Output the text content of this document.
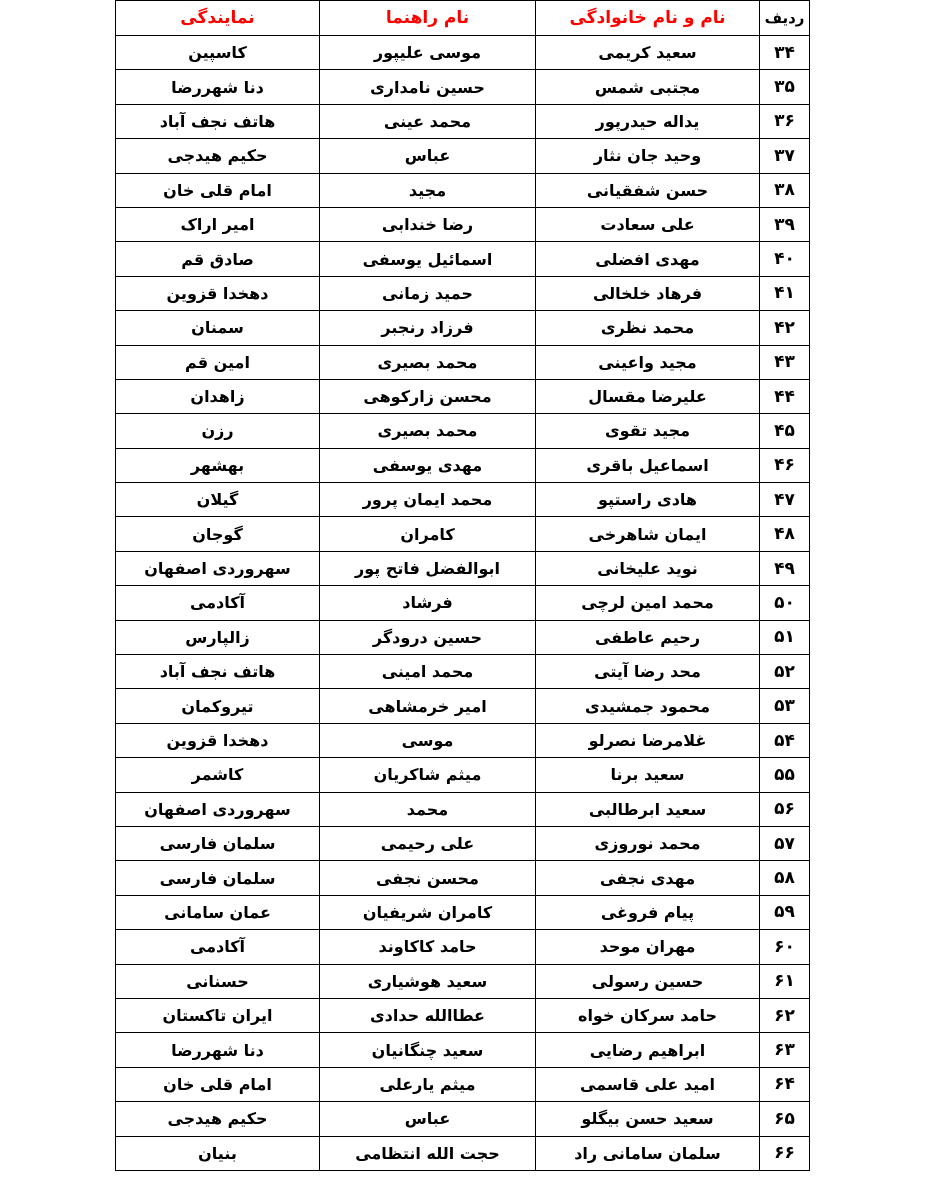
ردیف	نام و نام خانوادگی	نام راهنما	نمایندگی
۳۴	سعید کریمی	موسی علیپور	کاسپین
۳۵	مجتبی شمس	حسین نامداری	دنا شهررضا
۳۶	یداله حیدرپور	محمد عینی	هاتف نجف آباد
۳۷	وحید جان نثار	عباس	حکیم هیدجی
۳۸	حسن شفقیانی	مجید	امام قلی خان
۳۹	علی سعادت	رضا خندابی	امیر اراک
۴۰	مهدی افضلی	اسمائیل یوسفی	صادق قم
۴۱	فرهاد خلخالی	حمید زمانی	دهخدا قزوین
۴۲	محمد نظری	فرزاد رنجبر	سمنان
۴۳	مجید واعینی	محمد بصیری	امین قم
۴۴	علیرضا مقسال	محسن زارکوهی	زاهدان
۴۵	مجید تقوی	محمد بصیری	رزن
۴۶	اسماعیل باقری	مهدی یوسفی	بهشهر
۴۷	هادی راستپو	محمد ایمان پرور	گیلان
۴۸	ایمان شاهرخی	کامران	گوجان
۴۹	نوید علیخانی	ابوالفضل فاتح پور	سهروردی اصفهان
۵۰	محمد امین لرچی	فرشاد	آکادمی
۵۱	رحیم عاطفی	حسین درودگر	زالپارس
۵۲	محد رضا آیتی	محمد امینی	هاتف نجف آباد
۵۳	محمود جمشیدی	امیر خرمشاهی	تیروکمان
۵۴	غلامرضا نصرلو	موسی	دهخدا قزوین
۵۵	سعید برنا	میثم شاکریان	کاشمر
۵۶	سعید ابرطالبی	محمد	سهروردی اصفهان
۵۷	محمد نوروزی	علی رحیمی	سلمان فارسی
۵۸	مهدی نجفی	محسن نجفی	سلمان فارسی
۵۹	پیام فروغی	کامران شریفیان	عمان سامانی
۶۰	مهران موحد	حامد کاکاوند	آکادمی
۶۱	حسین رسولی	سعید هوشیاری	حسنانی
۶۲	حامد سرکان خواه	عطاالله حدادی	ایران تاکستان
۶۳	ابراهیم رضایی	سعید چنگانیان	دنا شهررضا
۶۴	امید علی قاسمی	میثم یارعلی	امام قلی خان
۶۵	سعید حسن بیگلو	عباس	حکیم هیدجی
۶۶	سلمان سامانی راد	حجت الله انتظامی	بنیان
